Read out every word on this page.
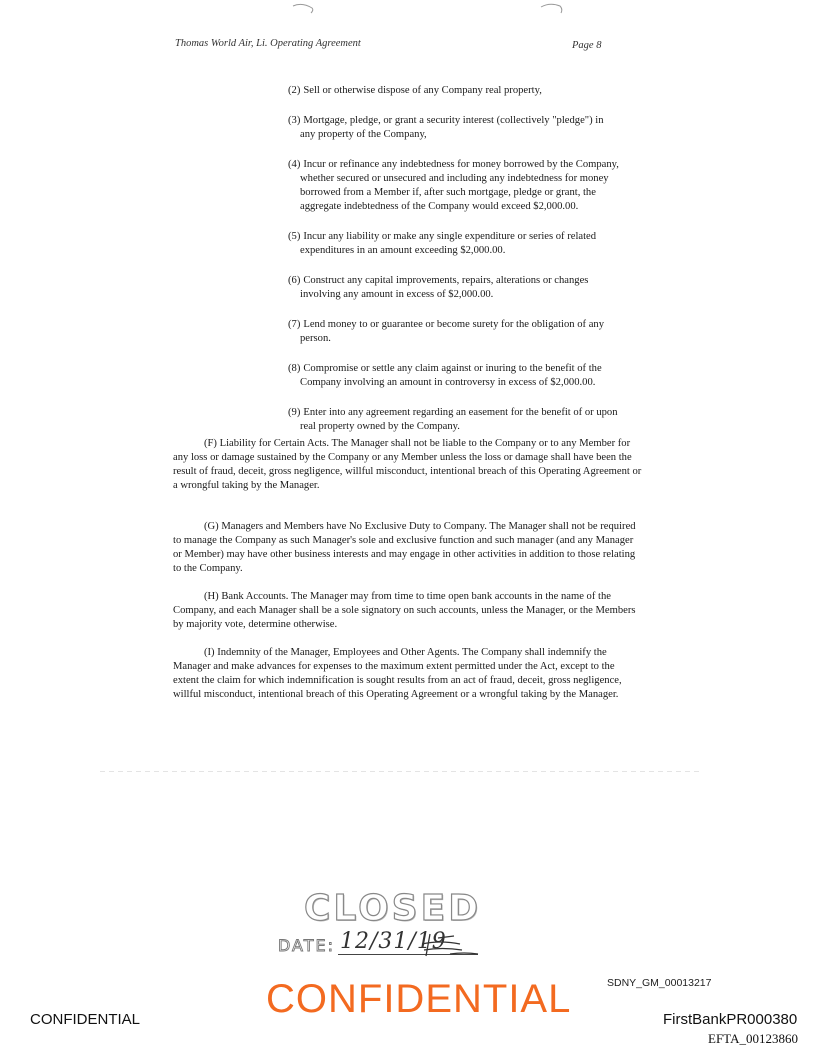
Thomas World Air, Li. Operating Agreement	Page 8
(2) Sell or otherwise dispose of any Company real property,
(3) Mortgage, pledge, or grant a security interest (collectively "pledge") in any property of the Company,
(4) Incur or refinance any indebtedness for money borrowed by the Company, whether secured or unsecured and including any indebtedness for money borrowed from a Member if, after such mortgage, pledge or grant, the aggregate indebtedness of the Company would exceed $2,000.00.
(5) Incur any liability or make any single expenditure or series of related expenditures in an amount exceeding $2,000.00.
(6) Construct any capital improvements, repairs, alterations or changes involving any amount in excess of $2,000.00.
(7) Lend money to or guarantee or become surety for the obligation of any person.
(8) Compromise or settle any claim against or inuring to the benefit of the Company involving an amount in controversy in excess of $2,000.00.
(9) Enter into any agreement regarding an easement for the benefit of or upon real property owned by the Company.

(F) Liability for Certain Acts. The Manager shall not be liable to the Company or to any Member for any loss or damage sustained by the Company or any Member unless the loss or damage shall have been the result of fraud, deceit, gross negligence, willful misconduct, intentional breach of this Operating Agreement or a wrongful taking by the Manager.

(G) Managers and Members have No Exclusive Duty to Company. The Manager shall not be required to manage the Company as such Manager's sole and exclusive function and such manager (and any Manager or Member) may have other business interests and may engage in other activities in addition to those relating to the Company.

(H) Bank Accounts. The Manager may from time to time open bank accounts in the name of the Company, and each Manager shall be a sole signatory on such accounts, unless the Manager, or the Members by majority vote, determine otherwise.

(I) Indemnity of the Manager, Employees and Other Agents. The Company shall indemnify the Manager and make advances for expenses to the maximum extent permitted under the Act, except to the extent the claim for which indemnification is sought results from an act of fraud, deceit, gross negligence, willful misconduct, intentional breach of this Operating Agreement or a wrongful taking by the Manager.

CLOSED
DATE: 12/31/19
SDNY_GM_00013217
CONFIDENTIAL
CONFIDENTIAL	FirstBankPR000380
EFTA_00123860
